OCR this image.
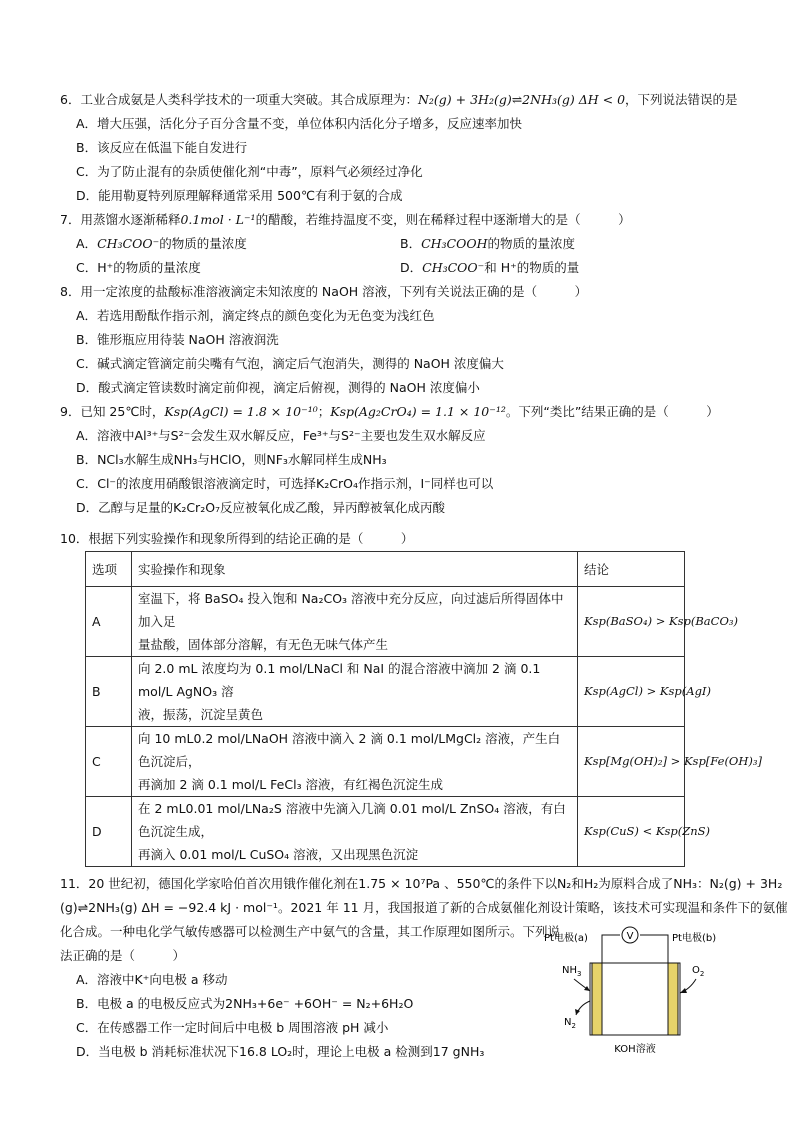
6．工业合成氨是人类科学技术的一项重大突破。其合成原理为：N₂(g) + 3H₂(g)⇌2NH₃(g) ΔH < 0，下列说法错误的是
A．增大压强，活化分子百分含量不变，单位体积内活化分子增多，反应速率加快
B．该反应在低温下能自发进行
C．为了防止混有的杂质使催化剂“中毒”，原料气必须经过净化
D．能用勒夏特列原理解释通常采用 500℃有利于氨的合成
7．用蒸馏水逐渐稀释0.1mol · L⁻¹的醋酸，若维持温度不变，则在稀释过程中逐渐增大的是（　　　）
A．CH₃COO⁻的物质的量浓度	B．CH₃COOH的物质的量浓度
C．H⁺的物质的量浓度	D．CH₃COO⁻和 H⁺的物质的量
8．用一定浓度的盐酸标准溶液滴定未知浓度的 NaOH 溶液，下列有关说法正确的是（　　　）
A．若选用酚酞作指示剂，滴定终点的颜色变化为无色变为浅红色
B．锥形瓶应用待装 NaOH 溶液润洗
C．碱式滴定管滴定前尖嘴有气泡，滴定后气泡消失，测得的 NaOH 浓度偏大
D．酸式滴定管读数时滴定前仰视，滴定后俯视，测得的 NaOH 浓度偏小
9．已知 25℃时，Ksp(AgCl) = 1.8 × 10⁻¹⁰；Ksp(Ag₂CrO₄) = 1.1 × 10⁻¹²。下列“类比”结果正确的是（　　　）
A．溶液中Al³⁺与S²⁻会发生双水解反应，Fe³⁺与S²⁻主要也发生双水解反应
B．NCl₃水解生成NH₃与HClO，则NF₃水解同样生成NH₃
C．Cl⁻的浓度用硝酸银溶液滴定时，可选择K₂CrO₄作指示剂，I⁻同样也可以
D．乙醇与足量的K₂Cr₂O₇反应被氧化成乙酸，异丙醇被氧化成丙酸
10．根据下列实验操作和现象所得到的结论正确的是（　　　）
选项	实验操作和现象	结论
A	室温下，将 BaSO₄ 投入饱和 Na₂CO₃ 溶液中充分反应，向过滤后所得固体中加入足
量盐酸，固体部分溶解，有无色无味气体产生	Ksp(BaSO₄) > Ksp(BaCO₃)
B	向 2.0 mL 浓度均为 0.1 mol/LNaCl 和 NaI 的混合溶液中滴加 2 滴 0.1 mol/L AgNO₃ 溶
液，振荡，沉淀呈黄色	Ksp(AgCl) > Ksp(AgI)
C	向 10 mL0.2 mol/LNaOH 溶液中滴入 2 滴 0.1 mol/LMgCl₂ 溶液，产生白色沉淀后，
再滴加 2 滴 0.1 mol/L FeCl₃ 溶液，有红褐色沉淀生成	Ksp[Mg(OH)₂] > Ksp[Fe(OH)₃]
D	在 2 mL0.01 mol/LNa₂S 溶液中先滴入几滴 0.01 mol/L ZnSO₄ 溶液，有白色沉淀生成，
再滴入 0.01 mol/L CuSO₄ 溶液，又出现黑色沉淀	Ksp(CuS) < Ksp(ZnS)
11．20 世纪初，德国化学家哈伯首次用锇作催化剂在1.75 × 10⁷Pa 、550℃的条件下以N₂和H₂为原料合成了NH₃：N₂(g) + 3H₂
(g)⇌2NH₃(g) ΔH = −92.4 kJ · mol⁻¹。2021 年 11 月，我国报道了新的合成氨催化剂设计策略，该技术可实现温和条件下的氨催
化合成。一种电化学气敏传感器可以检测生产中氨气的含量，其工作原理如图所示。下列说
法正确的是（　　　）
A．溶液中K⁺向电极 a 移动
B．电极 a 的电极反应式为2NH₃+6e⁻ +6OH⁻ = N₂+6H₂O
C．在传感器工作一定时间后中电极 b 周围溶液 pH 减小
D．当电极 b 消耗标准状况下16.8 LO₂时，理论上电极 a 检测到17 gNH₃
V
Pt电极(a)	Pt电极(b)
$NH_3$
$N_2$
$O_2$
KOH溶液
